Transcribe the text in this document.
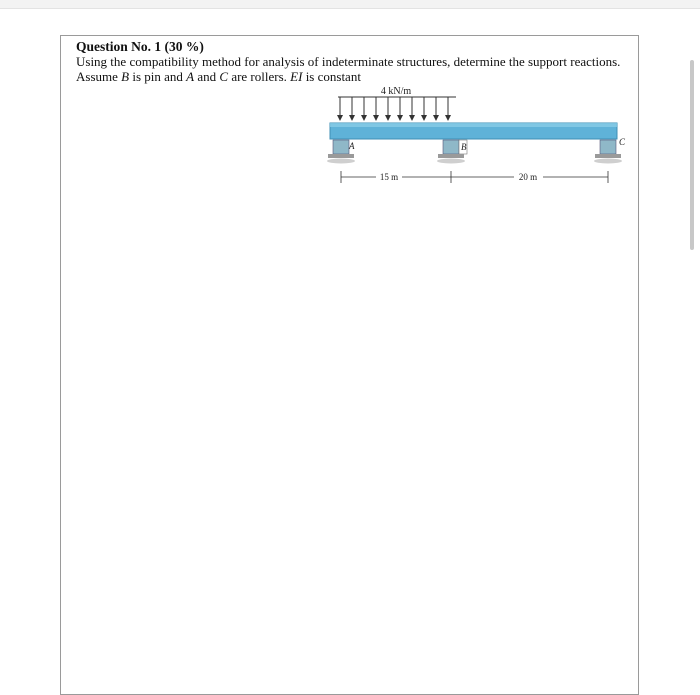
Question No. 1 (30 %)
Using the compatibility method for analysis of indeterminate structures, determine the support reactions.
Assume B is pin and A and C are rollers. EI is constant
4 kN/m
A	B	C
15 m	20 m
